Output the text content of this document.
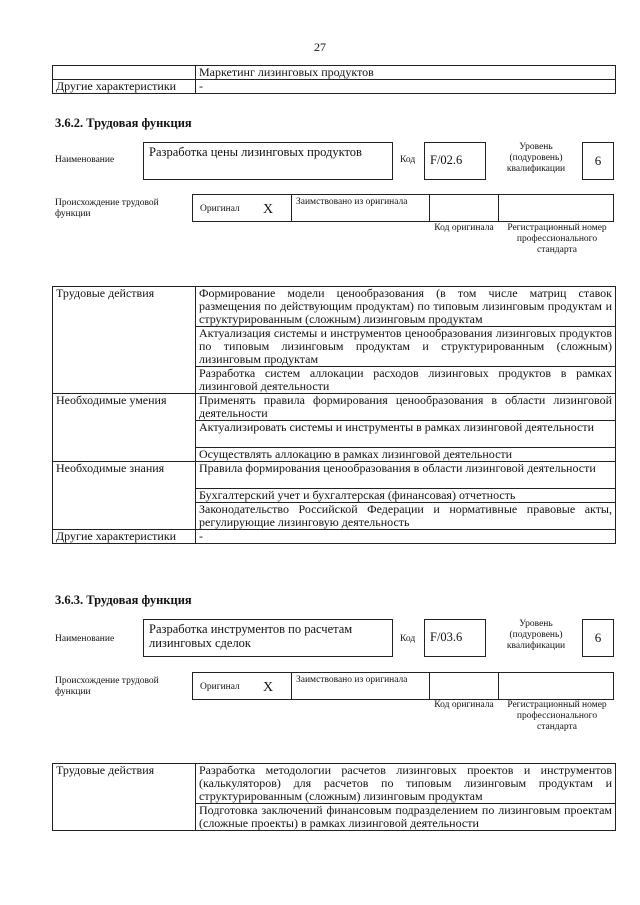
27
	Маркетинг лизинговых продуктов
Другие характеристики	-
3.6.2. Трудовая функция
Наименование
Разработка цены лизинговых продуктов
Код	F/02.6
Уровень (подуровень) квалификации
6
Происхождение трудовой функции	Оригинал X	Заимствовано из оригинала
Код оригинала	Регистрационный номер профессионального стандарта
Трудовые действия	Формирование модели ценообразования (в том числе матриц ставок размещения по действующим продуктам) по типовым лизинговым продуктам и структурированным (сложным) лизинговым продуктам
	Актуализация системы и инструментов ценообразования лизинговых продуктов по типовым лизинговым продуктам и структурированным (сложным) лизинговым продуктам
	Разработка систем аллокации расходов лизинговых продуктов в рамках лизинговой деятельности
Необходимые умения	Применять правила формирования ценообразования в области лизинговой деятельности
	Актуализировать системы и инструменты в рамках лизинговой деятельности
	Осуществлять аллокацию в рамках лизинговой деятельности
Необходимые знания	Правила формирования ценообразования в области лизинговой деятельности
	Бухгалтерский учет и бухгалтерская (финансовая) отчетность
	Законодательство Российской Федерации и нормативные правовые акты, регулирующие лизинговую деятельность
Другие характеристики	-
3.6.3. Трудовая функция
Наименование
Разработка инструментов по расчетам лизинговых сделок	Код	F/03.6
Уровень (подуровень) квалификации
6
Происхождение трудовой функции	Оригинал X	Заимствовано из оригинала
Код оригинала	Регистрационный номер профессионального стандарта
Трудовые действия	Разработка методологии расчетов лизинговых проектов и инструментов (калькуляторов) для расчетов по типовым лизинговым продуктам и структурированным (сложным) лизинговым продуктам
Подготовка заключений финансовым подразделением по лизинговым проектам (сложные проекты) в рамках лизинговой деятельности
